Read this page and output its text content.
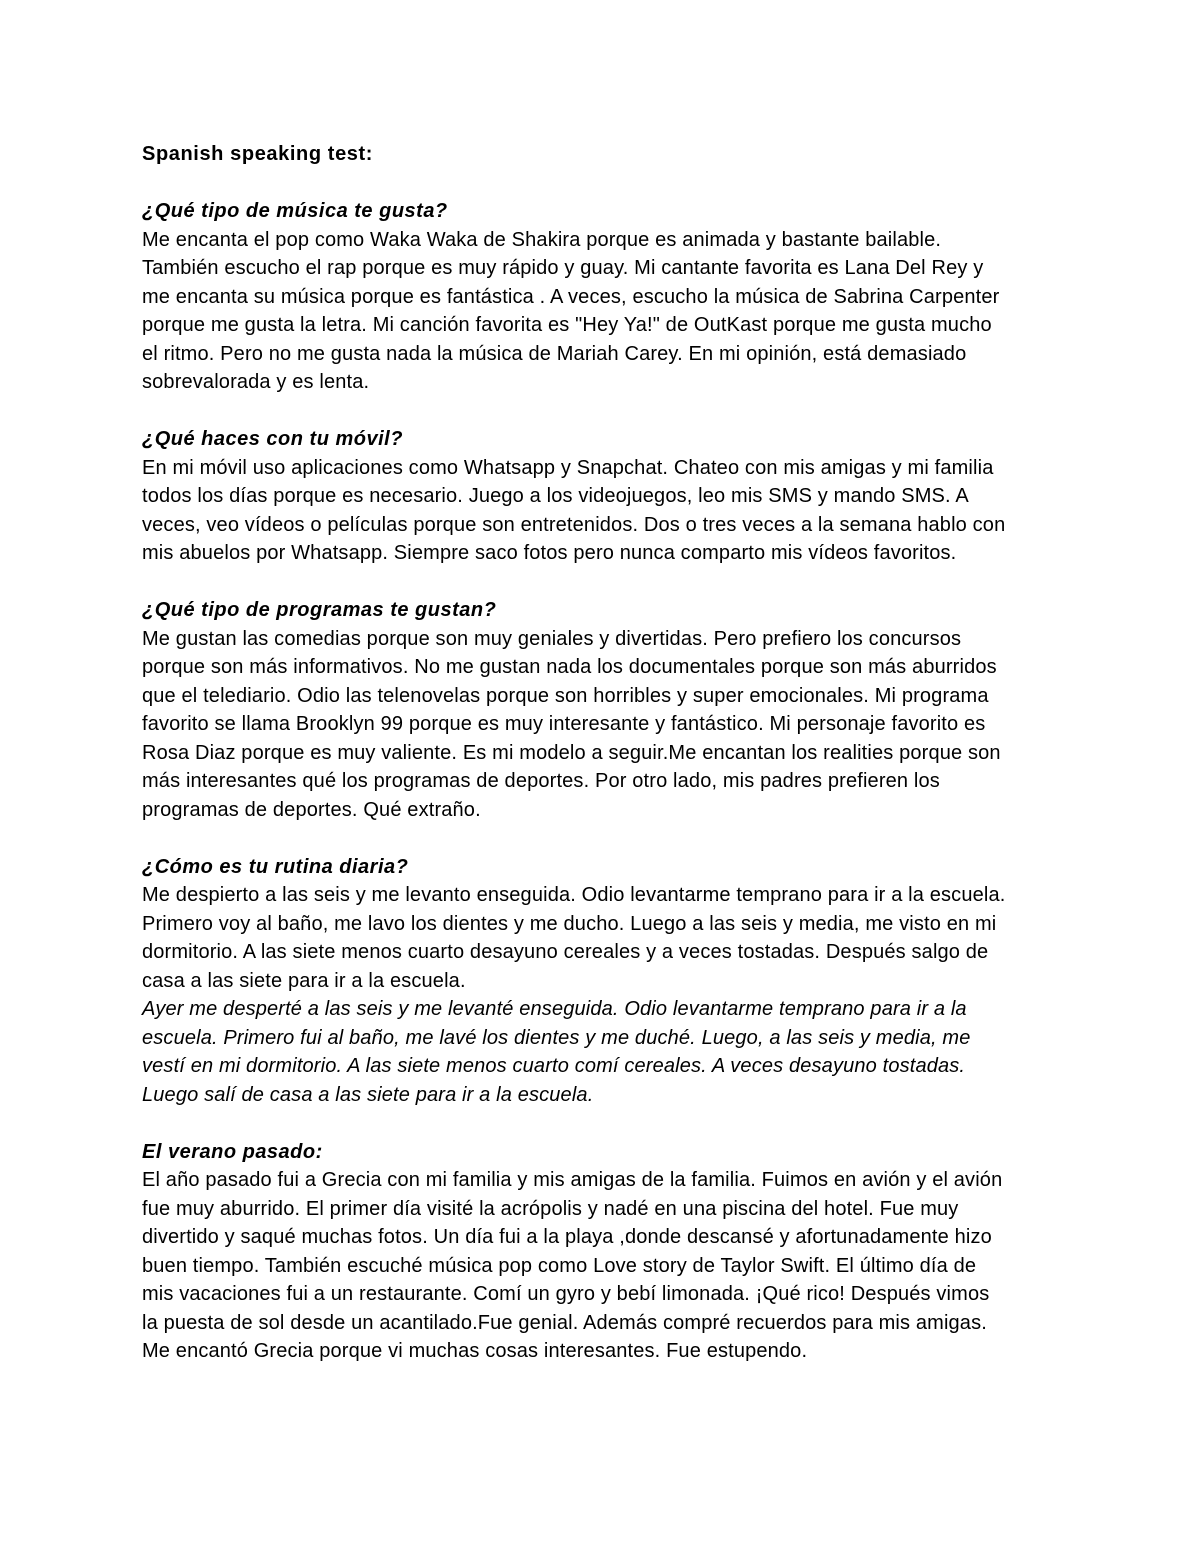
Spanish speaking test:
¿Qué tipo de música te gusta?
Me encanta el pop como Waka Waka de Shakira porque es animada y bastante bailable.
También escucho el rap porque es muy rápido y guay. Mi cantante favorita es Lana Del Rey y
me encanta su música porque es fantástica . A veces, escucho la música de Sabrina Carpenter
porque me gusta la letra. Mi canción favorita es "Hey Ya!" de OutKast porque me gusta mucho
el ritmo. Pero no me gusta nada la música de Mariah Carey. En mi opinión, está demasiado
sobrevalorada y es lenta.
¿Qué haces con tu móvil?
En mi móvil uso aplicaciones como Whatsapp y Snapchat. Chateo con mis amigas y mi familia
todos los días porque es necesario. Juego a los videojuegos, leo mis SMS y mando SMS. A
veces, veo vídeos o películas porque son entretenidos. Dos o tres veces a la semana hablo con
mis abuelos por Whatsapp. Siempre saco fotos pero nunca comparto mis vídeos favoritos.
¿Qué tipo de programas te gustan?
Me gustan las comedias porque son muy geniales y divertidas. Pero prefiero los concursos
porque son más informativos. No me gustan nada los documentales porque son más aburridos
que el telediario. Odio las telenovelas porque son horribles y super emocionales. Mi programa
favorito se llama Brooklyn 99 porque es muy interesante y fantástico. Mi personaje favorito es
Rosa Diaz porque es muy valiente. Es mi modelo a seguir.Me encantan los realities porque son
más interesantes qué los programas de deportes. Por otro lado, mis padres prefieren los
programas de deportes. Qué extraño.
¿Cómo es tu rutina diaria?
Me despierto a las seis y me levanto enseguida. Odio levantarme temprano para ir a la escuela.
Primero voy al baño, me lavo los dientes y me ducho. Luego a las seis y media, me visto en mi
dormitorio. A las siete menos cuarto desayuno cereales y a veces tostadas. Después salgo de
casa a las siete para ir a la escuela.
Ayer me desperté a las seis y me levanté enseguida. Odio levantarme temprano para ir a la
escuela. Primero fui al baño, me lavé los dientes y me duché. Luego, a las seis y media, me
vestí en mi dormitorio. A las siete menos cuarto comí cereales. A veces desayuno tostadas.
Luego salí de casa a las siete para ir a la escuela.
El verano pasado:
El año pasado fui a Grecia con mi familia y mis amigas de la familia. Fuimos en avión y el avión
fue muy aburrido. El primer día visité la acrópolis y nadé en una piscina del hotel. Fue muy
divertido y saqué muchas fotos. Un día fui a la playa ,donde descansé y afortunadamente hizo
buen tiempo. También escuché música pop como Love story de Taylor Swift. El último día de
mis vacaciones fui a un restaurante. Comí un gyro y bebí limonada. ¡Qué rico! Después vimos
la puesta de sol desde un acantilado.Fue genial. Además compré recuerdos para mis amigas.
Me encantó Grecia porque vi muchas cosas interesantes. Fue estupendo.
